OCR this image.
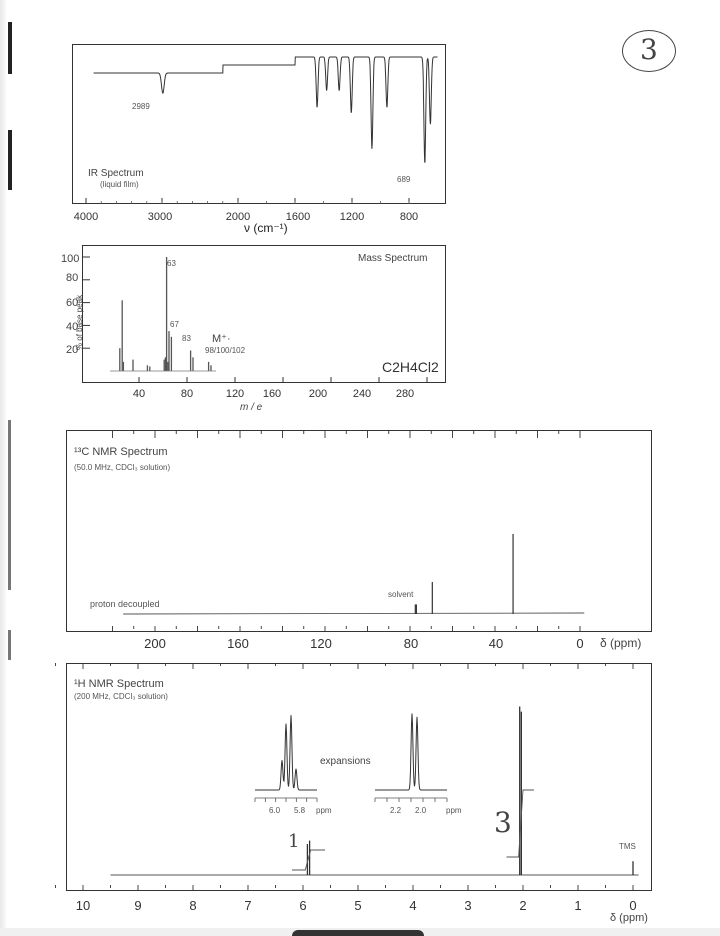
3
IR Spectrum
(liquid film)
2989
689
4000	3000	2000	1600	1200	800
ν (cm⁻¹)
Mass Spectrum
% of base peak
100
80
60
40
20
63
67
83 M⁺·
98/100/102
C2H4Cl2
40	80	120 160	200 240 280
m / e
¹³C NMR Spectrum
(50.0 MHz, CDCl₃ solution)
proton decoupled
solvent
200	160	120	80	40	0 δ (ppm)
¹H NMR Spectrum
(200 MHz, CDCl₃ solution)
expansions
TMS
6.0 5.8 ppm	2.2 2.0 ppm
1
3
10	9	8	7	6	5	4	3	2	1	0
δ (ppm)
